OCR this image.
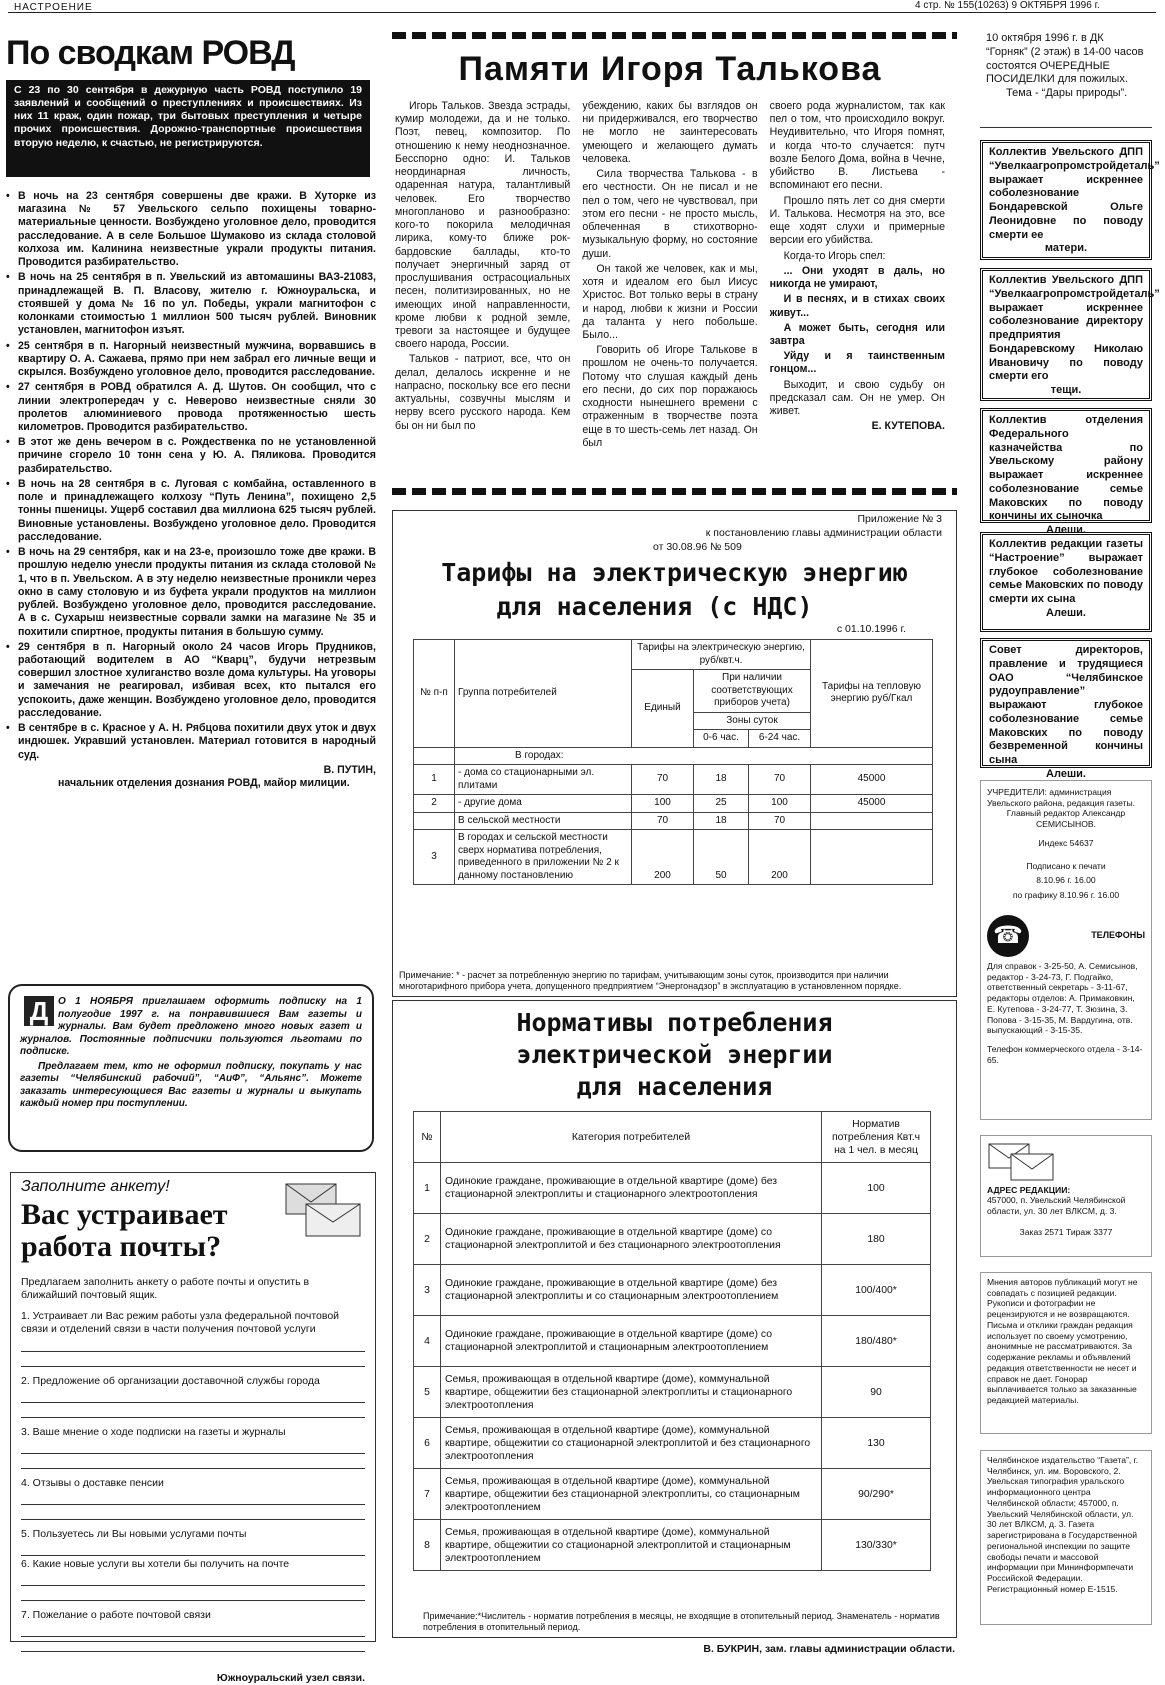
НАСТРОЕНИЕ	4 стр. № 155(10263) 9 ОКТЯБРЯ 1996 г.
По сводкам РОВД
С 23 по 30 сентября в дежурную часть РОВД поступило 19 заявлений и сообщений о преступлениях и происшествиях. Из них 11 краж, один пожар, три бытовых преступления и четыре прочих происшествия. Дорожно-транспортные происшествия вторую неделю, к счастью, не регистрируются.

• В ночь на 23 сентября совершены две кражи. В Хуторке из магазина № 57 Увельского сельпо похищены товарно-материальные ценности. Возбуждено уголовное дело, проводится расследование. А в селе Большое Шумаково из склада столовой колхоза им. Калинина неизвестные украли продукты питания. Проводится разбирательство.

• В ночь на 25 сентября в п. Увельский из автомашины ВАЗ-21083, принадлежащей В. П. Власову, жителю г. Южноуральска, и стоявшей у дома № 16 по ул. Победы, украли магнитофон с колонками стоимостью 1 миллион 500 тысяч рублей. Виновник установлен, магнитофон изъят.

• 25 сентября в п. Нагорный неизвестный мужчина, ворвавшись в квартиру О. А. Сажаева, прямо при нем забрал его личные вещи и скрылся. Возбуждено уголовное дело, проводится расследование.

• 27 сентября в РОВД обратился А. Д. Шутов. Он сообщил, что с линии электропередач у с. Неверово неизвестные сняли 30 пролетов алюминиевого провода протяженностью шесть километров. Проводится разбирательство.

• В этот же день вечером в с. Рождественка по не установленной причине сгорело 10 тонн сена у Ю. А. Пяликова. Проводится разбирательство.

• В ночь на 28 сентября в с. Луговая с комбайна, оставленного в поле и принадлежащего колхозу “Путь Ленина”, похищено 2,5 тонны пшеницы. Ущерб составил два миллиона 625 тысяч рублей. Виновные установлены. Возбуждено уголовное дело. Проводится расследование.

• В ночь на 29 сентября, как и на 23-е, произошло тоже две кражи. В прошлую неделю унесли продукты питания из склада столовой № 1, что в п. Увельском. А в эту неделю неизвестные проникли через окно в саму столовую и из буфета украли продуктов на миллион рублей. Возбуждено уголовное дело, проводится расследование. А в с. Сухарыш неизвестные сорвали замки на магазине № 35 и похитили спиртное, продукты питания в большую сумму.

• 29 сентября в п. Нагорный около 24 часов Игорь Прудников, работающий водителем в АО “Кварц”, будучи нетрезвым совершил злостное хулиганство возле дома культуры. На уговоры и замечания не реагировал, избивая всех, кто пытался его успокоить, даже женщин. Возбуждено уголовное дело, проводится расследование.

• В сентябре в с. Красное у А. Н. Рябцова похитили двух уток и двух индюшек. Укравший установлен. Материал готовится в народный суд.

В. ПУТИН,
начальник отделения дознания РОВД, майор милиции.
Д О 1 НОЯБРЯ приглашаем оформить подписку на 1 полугодие 1997 г. на понравившиеся Вам газеты и журналы. Вам будет предложено много новых газет и журналов. Постоянные подписчики пользуются льготами по подписке.
Предлагаем тем, кто не оформил подписку, покупать у нас газеты “Челябинский рабочий”, “АиФ”, “Альянс”. Можете заказать интересующиеся Вас газеты и журналы и выкупать каждый номер при поступлении.
Заполните анкету!
Вас устраивает работа почты?
Предлагаем заполнить анкету о работе почты и опустить в ближайший почтовый ящик.
1. Устраивает ли Вас режим работы узла федеральной почтовой связи и отделений связи в части получения почтовой услуги
2. Предложение об организации доставочной службы города
3. Ваше мнение о ходе подписки на газеты и журналы
4. Отзывы о доставке пенсии
5. Пользуетесь ли Вы новыми услугами почты
6. Какие новые услуги вы хотели бы получить на почте
7. Пожелание о работе почтовой связи
Южноуральский узел связи.
Памяти Игоря Талькова

Игорь Тальков. Звезда эстрады, кумир молодежи, да и не только. Поэт, певец, композитор. По отношению к нему неоднозначное. Бесспорно одно: И. Тальков неординарная личность, одаренная натура, талантливый человек. Его творчество многопланово и разнообразно: кого-то покорила мелодичная лирика, кому-то ближе рок-бардовские баллады, кто-то получает энергичный заряд от прослушивания острасоциальных песен, политизированных, но не имеющих иной направленности, кроме любви к родной земле, тревоги за настоящее и будущее своего народа, России.

Тальков - патриот, все, что он делал, делалось искренне и не напрасно, поскольку все его песни актуальны, созвучны мыслям и нерву всего русского народа. Кем бы он ни был по

убеждению, каких бы взглядов он ни придерживался, его творчество не могло не заинтересовать умеющего и желающего думать человека.

Сила творчества Талькова - в его честности. Он не писал и не пел о том, чего не чувствовал, при этом его песни - не просто мысль, облеченная в стихотворно-музыкальную форму, но состояние души.

Он такой же человек, как и мы, хотя и идеалом его был Иисус Христос. Вот только веры в страну и народ, любви к жизни и России да таланта у него побольше. Было...

Говорить об Игоре Талькове в прошлом не очень-то получается. Потому что слушая каждый день его песни, до сих пор поражаюсь сходности нынешнего времени с отраженным в творчестве поэта еще в то шесть-семь лет назад. Он был

своего рода журналистом, так как пел о том, что происходило вокруг. Неудивительно, что Игоря помнят, и когда что-то случается: путч возле Белого Дома, война в Чечне, убийство В. Листьева - вспоминают его песни.

Прошло пять лет со дня смерти И. Талькова. Несмотря на это, все еще ходят слухи и примерные версии его убийства.

Когда-то Игорь спел:

... Они уходят в даль, но никогда не умирают,

И в песнях, и в стихах своих живут...

А может быть, сегодня или завтра

Уйду и я таинственным гонцом...

Выходит, и свою судьбу он предсказал сам. Он не умер. Он живет.

Е. КУТЕПОВА.
Приложение № 3
к постановлению главы администрации области
от 30.08.96 № 509
Тарифы на электрическую энергию
для населения (с НДС)
с 01.10.1996 г.
№ п-п	Группа потребителей	Тарифы на электрическую энергию, руб/квт.ч.			Тарифы на тепловую энергию руб/Гкал
		Единый	При наличии соответствующих приборов учета)		
			Зоны суток		
			0-6 час.	6-24 час.	
	В городах:				
1	- дома со стационарными эл. плитами	70	18	70	45000
2	- другие дома	100	25	100	45000
	В сельской местности	70	18	70	
3	В городах и сельской местности сверх норматива потребления, приведенного в приложении № 2 к данному постановлению	200	50	200	
Примечание: * - расчет за потребленную энергию по тарифам, учитывающим зоны суток, производится при наличии многотарифного прибора учета, допущенного предприятием “Энергонадзор” в эксплуатацию в установленном порядке.
Нормативы потребления
электрической энергии
для населения
№	Категория потребителей	Норматив потребления Квт.ч на 1 чел. в месяц
1	Одинокие граждане, проживающие в отдельной квартире (доме) без стационарной электроплиты и стационарного электроотопления	100
2	Одинокие граждане, проживающие в отдельной квартире (доме) со стационарной электроплитой и без стационарного электроотопления	180
3	Одинокие граждане, проживающие в отдельной квартире (доме) без стационарной электроплиты и со стационарным электроотоплением	100/400*
4	Одинокие граждане, проживающие в отдельной квартире (доме) со стационарной электроплитой и стационарным электроотоплением	180/480*
5	Семья, проживающая в отдельной квартире (доме), коммунальной квартире, общежитии без стационарной электроплиты и стационарного электроотопления	90
6	Семья, проживающая в отдельной квартире (доме), коммунальной квартире, общежитии со стационарной электроплитой и без стационарного электроотопления	130
7	Семья, проживающая в отдельной квартире (доме), коммунальной квартире, общежитии без стационарной электроплиты, со стационарным электроотоплением	90/290*
8	Семья, проживающая в отдельной квартире (доме), коммунальной квартире, общежитии со стационарной электроплитой и стационарным электроотоплением	130/330*
Примечание:*Числитель - норматив потребления в месяцы, не входящие в отопительный период. Знаменатель - норматив потребления в отопительный период.
В. БУКРИН, зам. главы администрации области.
10 октября 1996 г. в ДК “Горняк” (2 этаж) в 14-00 часов состоятся ОЧЕРЕДНЫЕ ПОСИДЕЛКИ для пожилых.
Тема - “Дары природы”.
Коллектив Увельского ДПП “Увелкаагропромстройдеталь” выражает искреннее соболезнование Бондаревской Ольге Леонидовне по поводу смерти ее
матери.
Коллектив Увельского ДПП “Увелкаагропромстройдеталь” выражает искреннее соболезнование директору предприятия Бондаревскому Николаю Ивановичу по поводу смерти его
тещи.
Коллектив отделения Федерального казначейства по Увельскому району выражает искреннее соболезнование семье Маковских по поводу кончины их сыночка
Алеши.
Коллектив редакции газеты “Настроение” выражает глубокое соболезнование семье Маковских по поводу смерти их сына
Алеши.
Совет директоров, правление и трудящиеся ОАО “Челябинское рудоуправление” выражают глубокое соболезнование семье Маковских по поводу безвременной кончины сына
Алеши.
УЧРЕДИТЕЛИ: администрация Увельского района, редакция газеты.
Главный редактор Александр СЕМИСЫНОВ.
Индекс 54637
Подписано к печати
8.10.96 г. 16.00
по графику 8.10.96 г. 16.00
☎	ТЕЛЕФОНЫ
Для справок - 3-25-50, А. Семисынов, редактор - 3-24-73, Г. Подгайко, ответственный секретарь - 3-11-67, редакторы отделов: А. Примаковкин, Е. Кутепова - 3-24-77, Т. Зюзина, З. Попова - 3-15-35, М. Вардугина, отв. выпускающий - 3-15-35.
Телефон коммерческого отдела - 3-14-65.
АДРЕС РЕДАКЦИИ:
457000, п. Увельский Челябинской области, ул. 30 лет ВЛКСМ, д. 3.
Заказ 2571 Тираж 3377
Мнения авторов публикаций могут не совпадать с позицией редакции. Рукописи и фотографии не рецензируются и не возвращаются. Письма и отклики граждан редакция использует по своему усмотрению, анонимные не рассматриваются. За содержание рекламы и объявлений редакция ответственности не несет и справок не дает. Гонорар выплачивается только за заказанные редакцией материалы.
Челябинское издательство “Газета”, г. Челябинск, ул. им. Воровского, 2. Увельская типография уральского информационного центра Челябинской области; 457000, п. Увельский Челябинской области, ул. 30 лет ВЛКСМ, д. 3. Газета зарегистрирована в Государственной региональной инспекции по защите свободы печати и массовой информации при Мининформпечати Российской Федерации. Регистрационный номер Е-1515.
